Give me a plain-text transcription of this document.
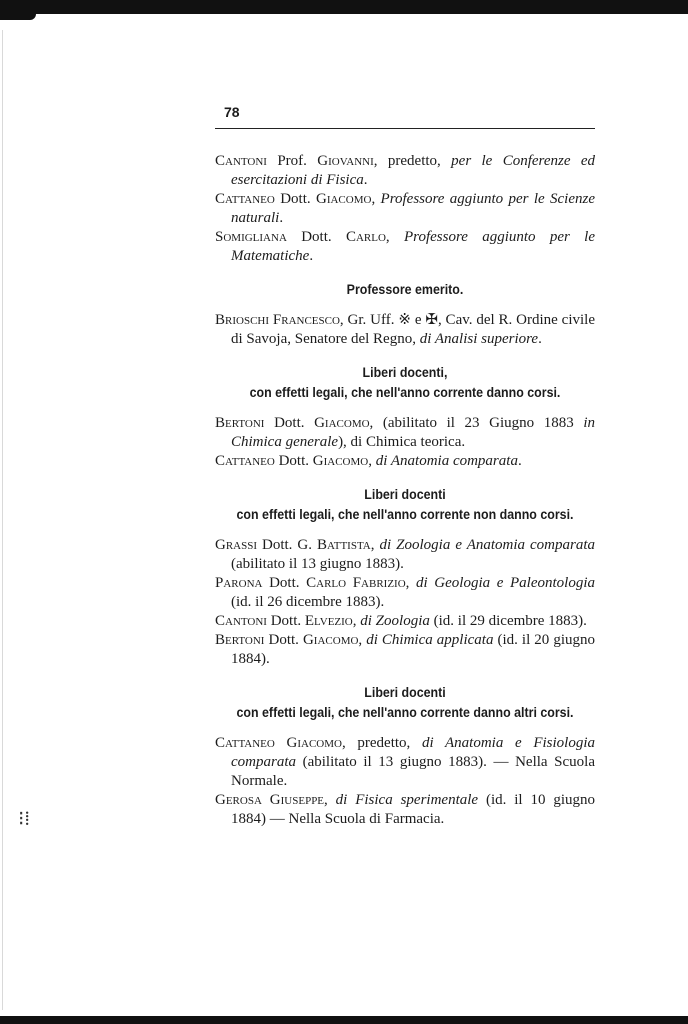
⁝⁞
78

Cantoni Prof. Giovanni, predetto, per le Conferenze ed esercitazioni di Fisica.

Cattaneo Dott. Giacomo, Professore aggiunto per le Scienze naturali.

Somigliana Dott. Carlo, Professore aggiunto per le Matematiche.

Professore emerito.

Brioschi Francesco, Gr. Uff. ※ e ✠, Cav. del R. Ordine civile di Savoja, Senatore del Regno, di Analisi superiore.

Liberi docenti,

con effetti legali, che nell'anno corrente danno corsi.

Bertoni Dott. Giacomo, (abilitato il 23 Giugno 1883 in Chimica generale), di Chimica teorica.

Cattaneo Dott. Giacomo, di Anatomia comparata.

Liberi docenti

con effetti legali, che nell'anno corrente non danno corsi.

Grassi Dott. G. Battista, di Zoologia e Anatomia comparata (abilitato il 13 giugno 1883).

Parona Dott. Carlo Fabrizio, di Geologia e Paleontologia (id. il 26 dicembre 1883).

Cantoni Dott. Elvezio, di Zoologia (id. il 29 dicembre 1883).

Bertoni Dott. Giacomo, di Chimica applicata (id. il 20 giugno 1884).

Liberi docenti

con effetti legali, che nell'anno corrente danno altri corsi.

Cattaneo Giacomo, predetto, di Anatomia e Fisiologia comparata (abilitato il 13 giugno 1883). — Nella Scuola Normale.

Gerosa Giuseppe, di Fisica sperimentale (id. il 10 giugno 1884) — Nella Scuola di Farmacia.
